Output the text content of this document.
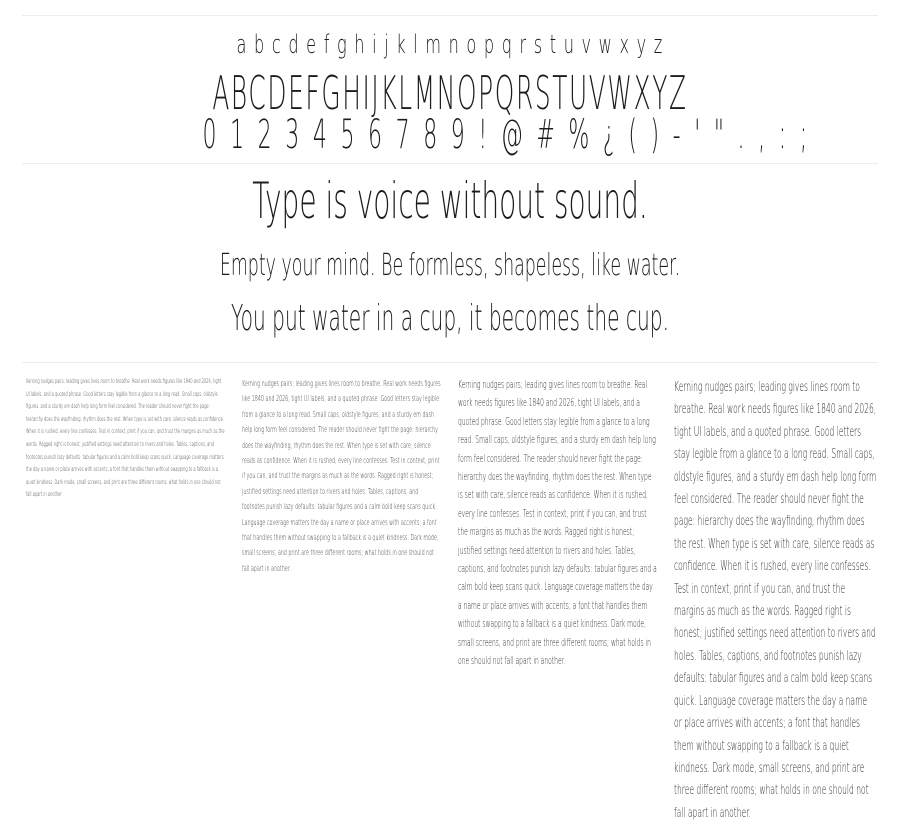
a b c d e f g h i j k l m n o p q r s t u v w x y z
ABCDEFGHIJKLMNOPQRSTUVWXYZ
0 1 2 3 4 5 6 7 8 9 ! @ # % ¿ ( ) - ' " . , : ;
Type is voice without sound.
Empty your mind. Be formless, shapeless, like water.
You put water in a cup, it becomes the cup.

Kerning nudges pairs; leading gives lines room to breathe. Real work needs figures like 1840 and 2026, tight UI labels, and a quoted phrase. Good letters stay legible from a glance to a long read. Small caps, oldstyle figures, and a sturdy em dash help long form feel considered. The reader should never fight the page: hierarchy does the wayfinding, rhythm does the rest. When type is set with care, silence reads as confidence. When it is rushed, every line confesses. Test in context, print if you can, and trust the margins as much as the words. Ragged right is honest; justified settings need attention to rivers and holes. Tables, captions, and footnotes punish lazy defaults: tabular figures and a calm bold keep scans quick. Language coverage matters the day a name or place arrives with accents; a font that handles them without swapping to a fallback is a quiet kindness. Dark mode, small screens, and print are three different rooms; what holds in one should not fall apart in another.

Kerning nudges pairs; leading gives lines room to breathe. Real work needs figures like 1840 and 2026, tight UI labels, and a quoted phrase. Good letters stay legible from a glance to a long read. Small caps, oldstyle figures, and a sturdy em dash help long form feel considered. The reader should never fight the page: hierarchy does the wayfinding, rhythm does the rest. When type is set with care, silence reads as confidence. When it is rushed, every line confesses. Test in context, print if you can, and trust the margins as much as the words. Ragged right is honest; justified settings need attention to rivers and holes. Tables, captions, and footnotes punish lazy defaults: tabular figures and a calm bold keep scans quick. Language coverage matters the day a name or place arrives with accents; a font that handles them without swapping to a fallback is a quiet kindness. Dark mode, small screens, and print are three different rooms; what holds in one should not fall apart in another.

Kerning nudges pairs; leading gives lines room to breathe. Real work needs figures like 1840 and 2026, tight UI labels, and a quoted phrase. Good letters stay legible from a glance to a long read. Small caps, oldstyle figures, and a sturdy em dash help long form feel considered. The reader should never fight the page: hierarchy does the wayfinding, rhythm does the rest. When type is set with care, silence reads as confidence. When it is rushed, every line confesses. Test in context, print if you can, and trust the margins as much as the words. Ragged right is honest; justified settings need attention to rivers and holes. Tables, captions, and footnotes punish lazy defaults: tabular figures and a calm bold keep scans quick. Language coverage matters the day a name or place arrives with accents; a font that handles them without swapping to a fallback is a quiet kindness. Dark mode, small screens, and print are three different rooms; what holds in one should not fall apart in another.

Kerning nudges pairs; leading gives lines room to breathe. Real work needs figures like 1840 and 2026, tight UI labels, and a quoted phrase. Good letters stay legible from a glance to a long read. Small caps, oldstyle figures, and a sturdy em dash help long form feel considered. The reader should never fight the page: hierarchy does the wayfinding, rhythm does the rest. When type is set with care, silence reads as confidence. When it is rushed, every line confesses. Test in context, print if you can, and trust the margins as much as the words. Ragged right is honest; justified settings need attention to rivers and holes. Tables, captions, and footnotes punish lazy defaults: tabular figures and a calm bold keep scans quick. Language coverage matters the day a name or place arrives with accents; a font that handles them without swapping to a fallback is a quiet kindness. Dark mode, small screens, and print are three different rooms; what holds in one should not fall apart in another.
